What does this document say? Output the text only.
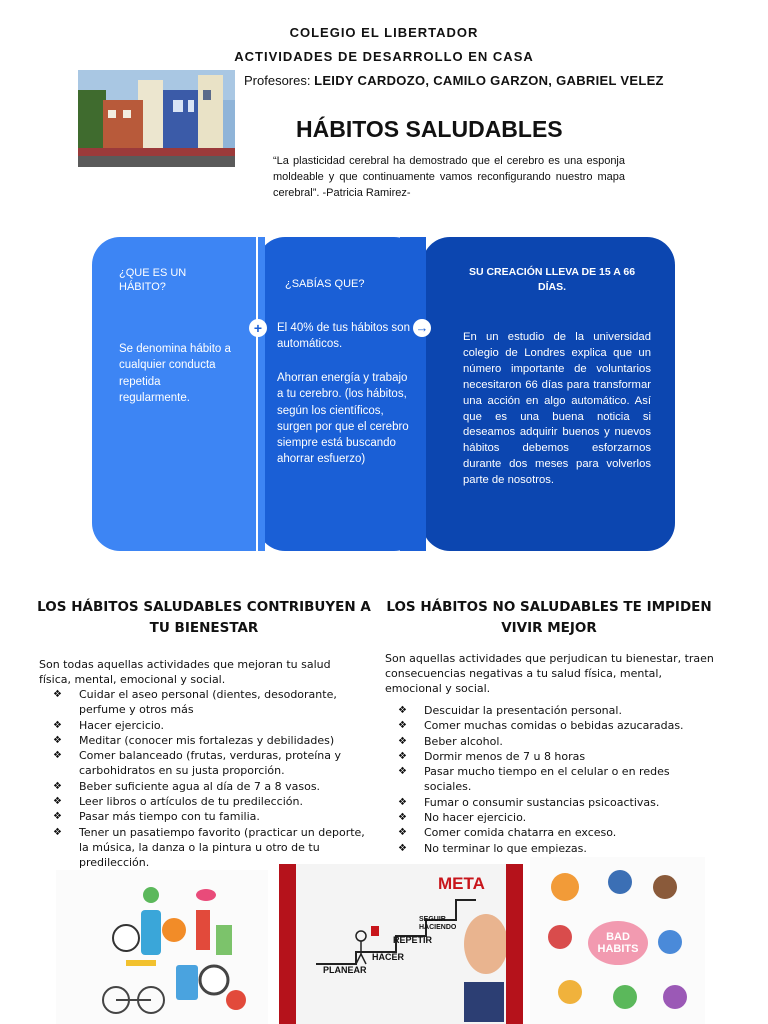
COLEGIO EL LIBERTADOR
ACTIVIDADES DE DESARROLLO EN CASA
Profesores: LEIDY CARDOZO, CAMILO GARZON, GABRIEL VELEZ
HÁBITOS SALUDABLES
“La plasticidad cerebral ha demostrado que el cerebro es una esponja moldeable y que continuamente vamos reconfigurando nuestro mapa cerebral”. -Patricia Ramirez-
¿QUE ES UN HÁBITO?
Se denomina hábito a cualquier conducta repetida regularmente.
¿SABÍAS QUE?
El 40% de tus hábitos son automáticos.
Ahorran energía y trabajo a tu cerebro. (los hábitos, según los científicos, surgen por que el cerebro siempre está buscando ahorrar esfuerzo)
SU CREACIÓN LLEVA DE 15 A 66 DÍAS.
En un estudio de la universidad colegio de Londres explica que un número importante de voluntarios necesitaron 66 días para transformar una acción en algo automático. Así que es una buena noticia si deseamos adquirir buenos y nuevos hábitos debemos esforzarnos durante dos meses para volverlos parte de nosotros.
+	→
LOS HÁBITOS SALUDABLES CONTRIBUYEN A TU BIENESTAR
Son todas aquellas actividades que mejoran tu salud física, mental, emocional y social.
❖ Cuidar el aseo personal (dientes, desodorante, perfume y otros más
❖ Hacer ejercicio.
❖ Meditar (conocer mis fortalezas y debilidades)
❖ Comer balanceado (frutas, verduras, proteína y carbohidratos en su justa proporción.
❖ Beber suficiente agua al día de 7 a 8 vasos.
❖ Leer libros o artículos de tu predilección.
❖ Pasar más tiempo con tu familia.
❖ Tener un pasatiempo favorito (practicar un deporte, la música, la danza o la pintura u otro de tu predilección.
LOS HÁBITOS NO SALUDABLES TE IMPIDEN VIVIR MEJOR
Son aquellas actividades que perjudican tu bienestar, traen consecuencias negativas a tu salud física, mental, emocional y social.
❖ Descuidar la presentación personal.
❖ Comer muchas comidas o bebidas azucaradas.
❖ Beber alcohol.
❖ Dormir menos de 7 u 8 horas
❖ Pasar mucho tiempo en el celular o en redes sociales.
❖ Fumar o consumir sustancias psicoactivas.
❖ No hacer ejercicio.
❖ Comer comida chatarra en exceso.
❖ No terminar lo que empiezas.
META
SEGUIR HACIENDO
REPETIR
HACER
PLANEAR
BAD HABITS
